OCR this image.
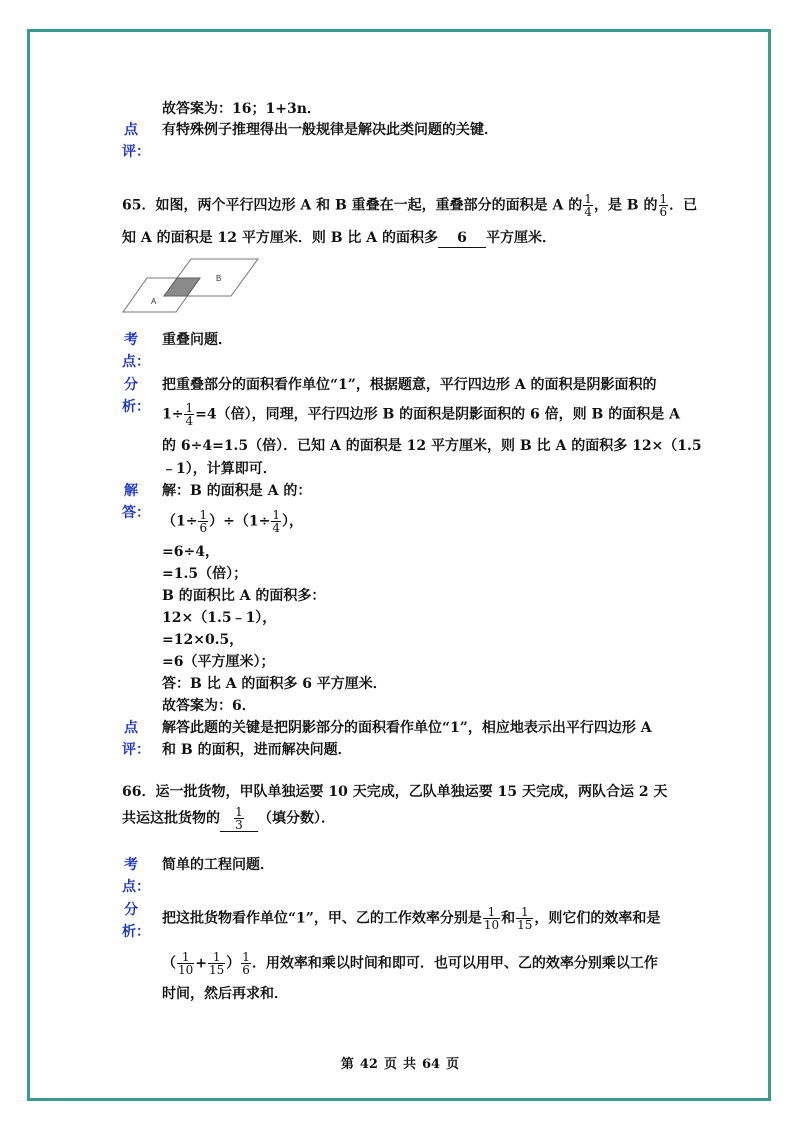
故答案为：16；1+3n．
点
评：
有特殊例子推理得出一般规律是解决此类问题的关键．
65．如图，两个平行四边形 A 和 B 重叠在一起，重叠部分的面积是 A 的 $\frac{1}{4}$ ，是 B 的 $\frac{1}{6}$ ．已
知 A 的面积是 12 平方厘米．则 B 比 A 的面积多 6 平方厘米．
A
B
考
点：
重叠问题．
分
析：
把重叠部分的面积看作单位“1”，根据题意，平行四边形 A 的面积是阴影面积的
$1\div \frac{1}{4} =4$（倍），同理，平行四边形 B 的面积是阴影面积的 6 倍，则 B 的面积是 A
的 6÷4=1.5（倍）．已知 A 的面积是 12 平方厘米，则 B 比 A 的面积多 12×（1.5
﹣1），计算即可．
解
答：
解：B 的面积是 A 的：
$(1\div \frac{1}{6} )\div(1\div \frac{1}{4}$ ），
=6÷4，
=1.5（倍）；
B 的面积比 A 的面积多：
12×（1.5﹣1），
=12×0.5，
=6（平方厘米）；
答：B 比 A 的面积多 6 平方厘米．
故答案为：6．
点
评：
解答此题的关键是把阴影部分的面积看作单位“1”，相应地表示出平行四边形 A
和 B 的面积，进而解决问题．
66．运一批货物，甲队单独运要 10 天完成，乙队单独运要 15 天完成，两队合运 2 天
共运这批货物的 $\frac{1}{3}$ （填分数）．
考
点：
简单的工程问题．
分
析：
把这批货物看作单位“1”，甲、乙的工作效率分别是 $\frac{1}{10}$ 和 $\frac{1}{15}$ ，则它们的效率和是
（ $\frac{1}{10} + \frac{1}{15}$ ） $\frac{1}{6}$ ．用效率和乘以时间和即可．也可以用甲、乙的效率分别乘以工作
时间，然后再求和．
第 42 页 共 64 页
